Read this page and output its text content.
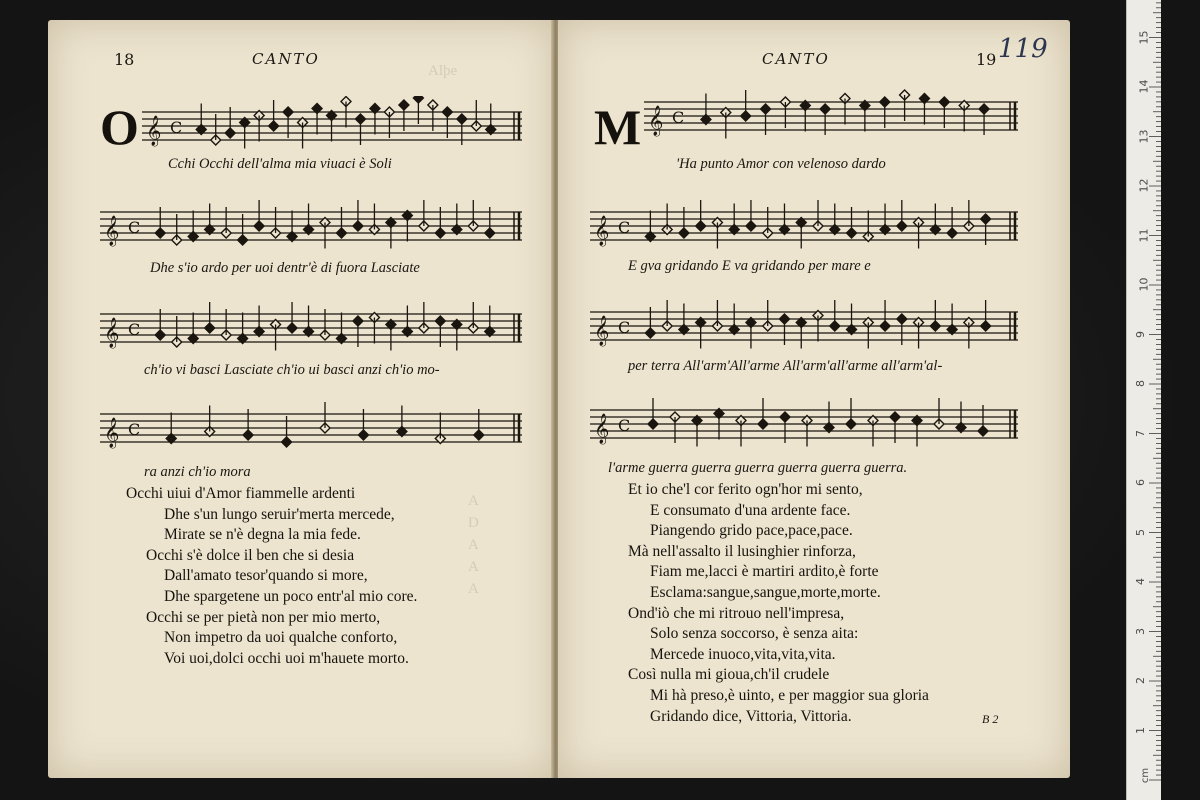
18	CANTO
Alþe
A
D
A
A
A
O 𝄞 C
Cchi Occhi dell'alma mia viuaci è Soli
𝄞 C
Dhe s'io ardo per uoi dentr'è di fuora Lasciate
𝄞 C
ch'io vi basci Lasciate ch'io ui basci anzi ch'io mo-
𝄞 C
ra anzi ch'io mora
Occhi uiui d'Amor fiammelle ardenti
Dhe s'un lungo seruir'merta mercede,
Mirate se n'è degna la mia fede.
Occhi s'è dolce il ben che si desia
Dall'amato tesor'quando si more,
Dhe spargetene un poco entr'al mio core.
Occhi se per pietà non per mio merto,
Non impetro da uoi qualche conforto,
Voi uoi,dolci occhi uoi m'hauete morto.
CANTO	19 119
M 𝄞 C
'Ha punto Amor con velenoso dardo
𝄞 C
E gva gridando E va gridando per mare e
𝄞 C
per terra All'arm'All'arme All'arm'all'arme all'arm'al-
𝄞 C
l'arme guerra guerra guerra guerra guerra guerra.
Et io che'l cor ferito ogn'hor mi sento,
E consumato d'una ardente face.
Piangendo grido pace,pace,pace.
Mà nell'assalto il lusinghier rinforza,
Fiam me,lacci è martiri ardito,è forte
Esclama:sangue,sangue,morte,morte.
Ond'iò che mi ritrouo nell'impresa,
Solo senza soccorso, è senza aita:
Mercede inuoco,vita,vita,vita.
Così nulla mi gioua,ch'il crudele
Mi hà preso,è uinto, e per maggior sua gloria
Gridando dice, Vittoria, Vittoria.	B 2
1
2
3
4
5
6
7
8
9
10
11
12
13
14
15
cm
